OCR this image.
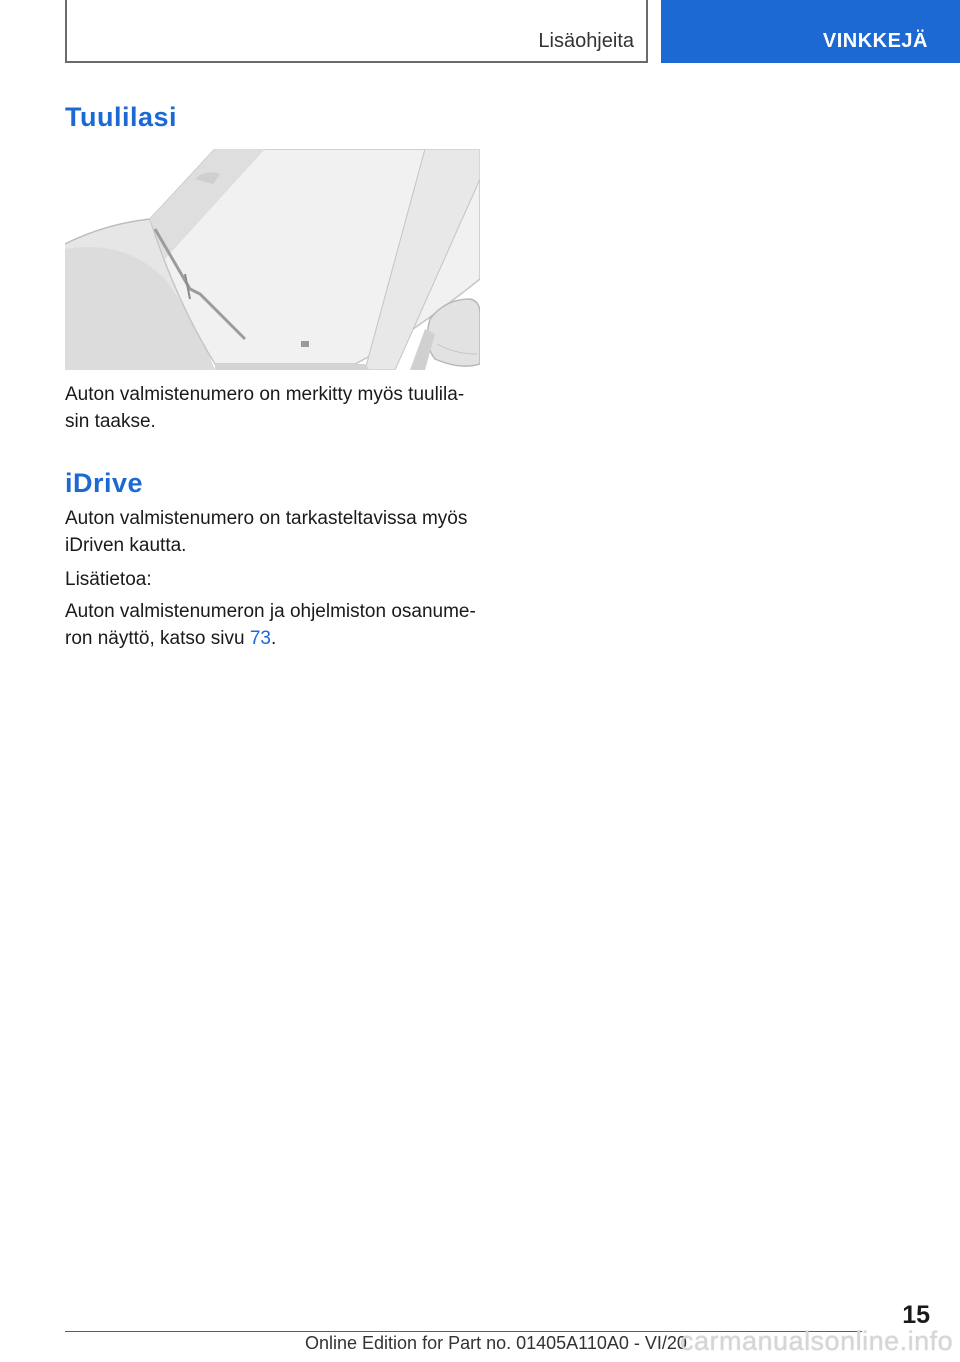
Lisäohjeita	VINKKEJÄ
Tuulilasi

Auton valmistenumero on merkitty myös tuulila-
sin taakse.

iDrive

Auton valmistenumero on tarkasteltavissa myös
iDriven kautta.

Lisätietoa:

Auton valmistenumeron ja ohjelmiston osanume-
ron näyttö, katso sivu 73.

15
Online Edition for Part no. 01405A110A0 - VI/20
carmanualsonline.info
